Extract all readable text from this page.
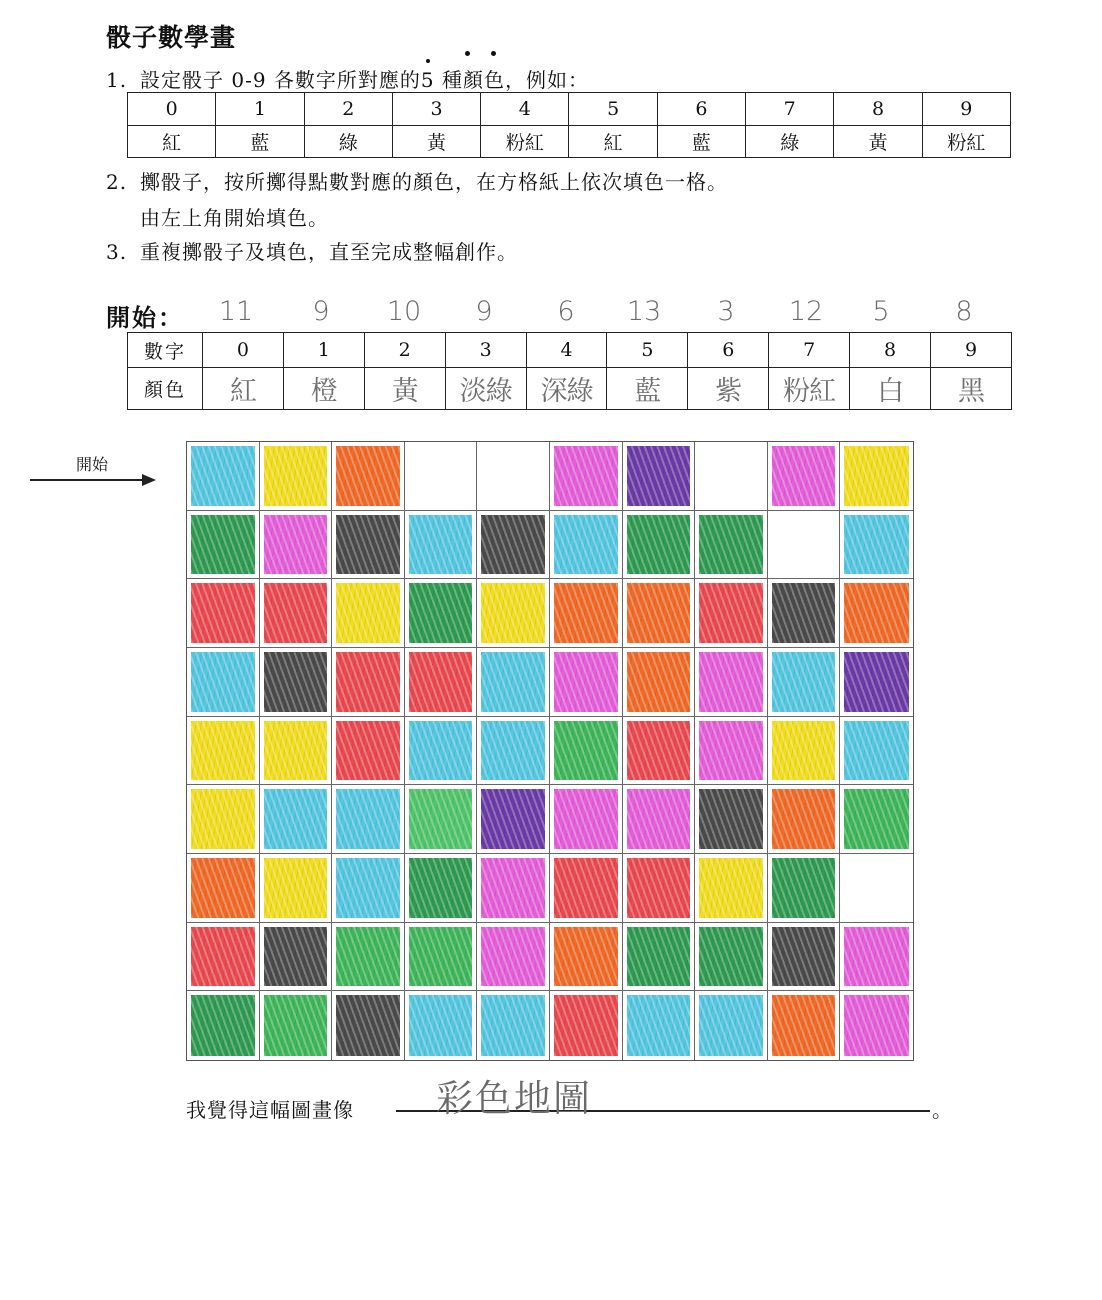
骰子數學畫
1. 設定骰子 0-9 各數字所對應的5 種顏色，例如：
0	1	2	3	4	5	6	7	8	9
紅	藍	綠	黃	粉紅	紅	藍	綠	黃	粉紅
2. 擲骰子，按所擲得點數對應的顏色，在方格紙上依次填色一格。
由左上角開始填色。
3. 重複擲骰子及填色，直至完成整幅創作。
開始：	11	9	10	9	6	13	3	12	5	8
數字	0	1	2	3	4	5	6	7	8	9
顏色	紅	橙	黃	淡綠	深綠	藍	紫	粉紅	白	黑
開始
我覺得這幅圖畫像 彩色地圖	。
